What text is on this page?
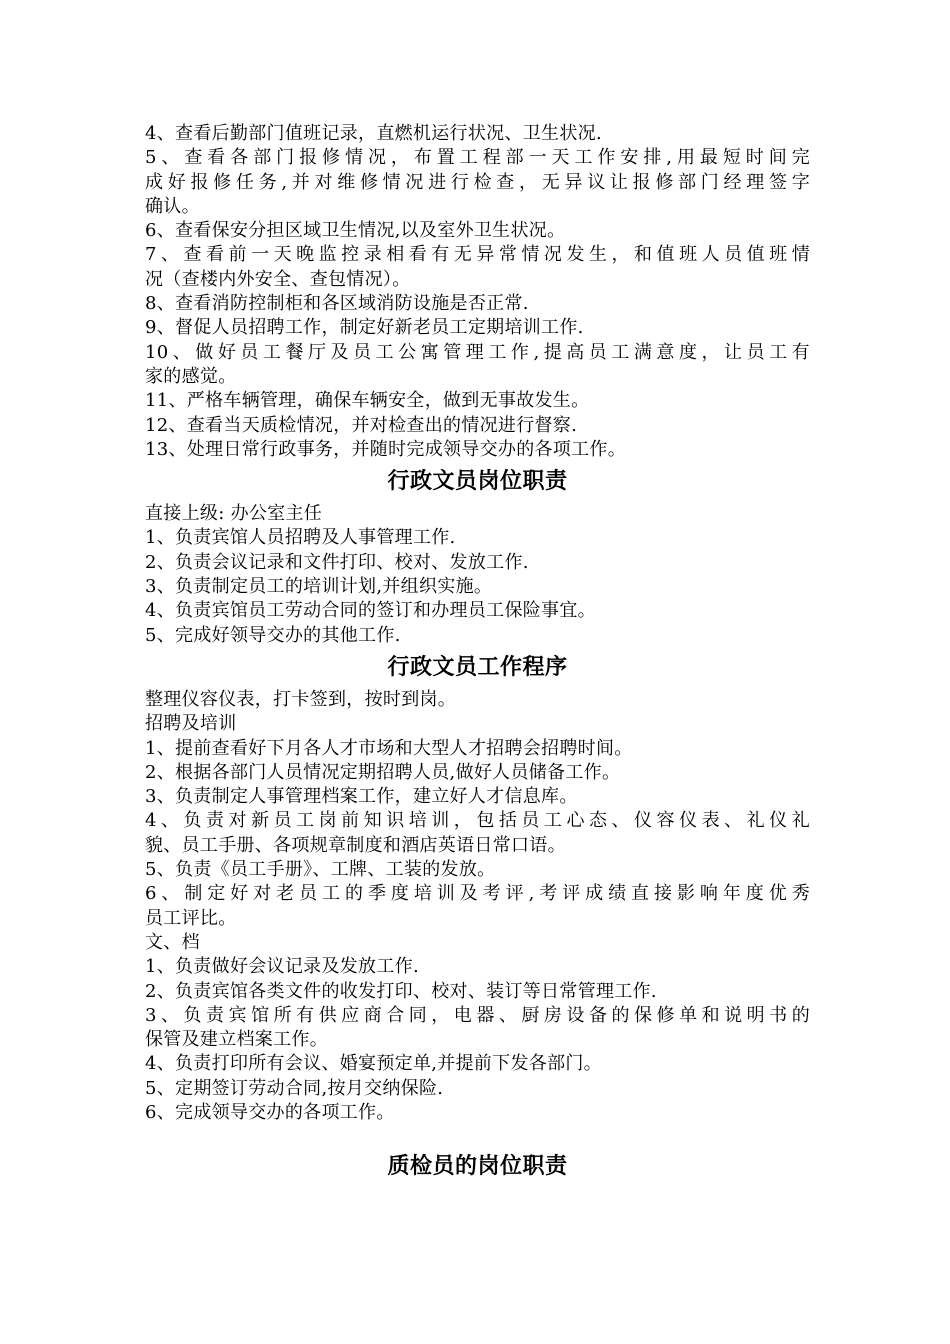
4、查看后勤部门值班记录，直燃机运行状况、卫生状况.
5、查看各部门报修情况，布置工程部一天工作安排,用最短时间完
成好报修任务,并对维修情况进行检查，无异议让报修部门经理签字
确认。
6、查看保安分担区域卫生情况,以及室外卫生状况。
7、查看前一天晚监控录相看有无异常情况发生，和值班人员值班情
况（查楼内外安全、查包情况）。
8、查看消防控制柜和各区域消防设施是否正常.
9、督促人员招聘工作，制定好新老员工定期培训工作.
10、做好员工餐厅及员工公寓管理工作,提高员工满意度，让员工有
家的感觉。
11、严格车辆管理，确保车辆安全，做到无事故发生。
12、查看当天质检情况，并对检查出的情况进行督察.
13、处理日常行政事务，并随时完成领导交办的各项工作。
行政文员岗位职责
直接上级: 办公室主任
1、负责宾馆人员招聘及人事管理工作.
2、负责会议记录和文件打印、校对、发放工作.
3、负责制定员工的培训计划,并组织实施。
4、负责宾馆员工劳动合同的签订和办理员工保险事宜。
5、完成好领导交办的其他工作.
行政文员工作程序
整理仪容仪表，打卡签到，按时到岗。
招聘及培训
1、提前查看好下月各人才市场和大型人才招聘会招聘时间。
2、根据各部门人员情况定期招聘人员,做好人员储备工作。
3、负责制定人事管理档案工作，建立好人才信息库。
4、负责对新员工岗前知识培训，包括员工心态、仪容仪表、礼仪礼
貌、员工手册、各项规章制度和酒店英语日常口语。
5、负责《员工手册》、工牌、工装的发放。
6、制定好对老员工的季度培训及考评,考评成绩直接影响年度优秀
员工评比。
文、档
1、负责做好会议记录及发放工作.
2、负责宾馆各类文件的收发打印、校对、装订等日常管理工作.
3、负责宾馆所有供应商合同，电器、厨房设备的保修单和说明书的
保管及建立档案工作。
4、负责打印所有会议、婚宴预定单,并提前下发各部门。
5、定期签订劳动合同,按月交纳保险.
6、完成领导交办的各项工作。
质检员的岗位职责
